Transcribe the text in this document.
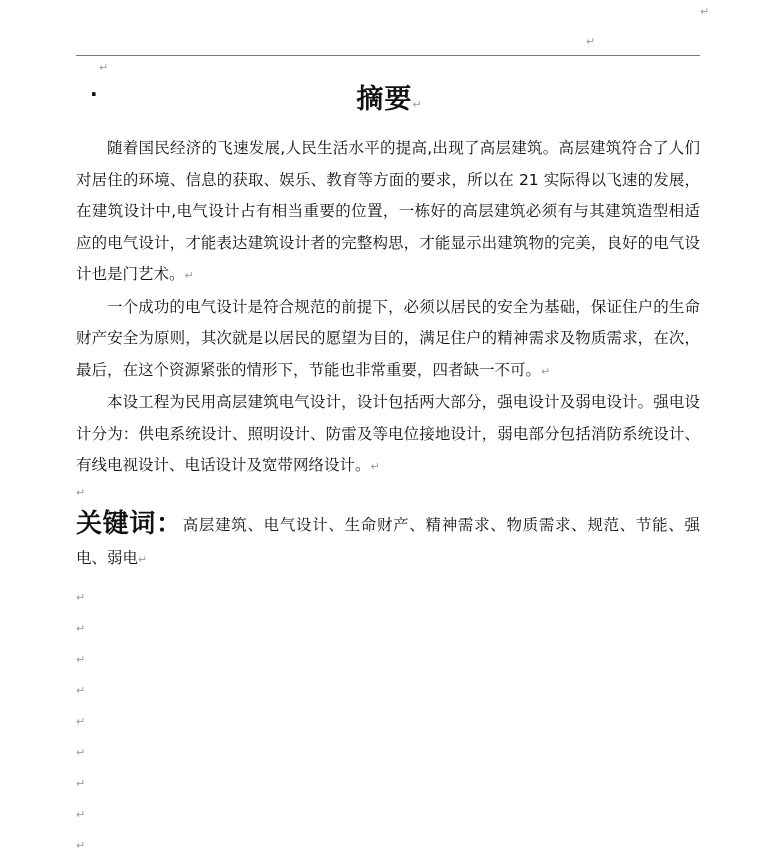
↵
↵
↵
·	摘要↵

随着国民经济的飞速发展,人民生活水平的提高,出现了高层建筑。高层建筑符合了人们对居住的环境、信息的获取、娱乐、教育等方面的要求，所以在 21 实际得以飞速的发展，在建筑设计中,电气设计占有相当重要的位置，一栋好的高层建筑必须有与其建筑造型相适应的电气设计，才能表达建筑设计者的完整构思，才能显示出建筑物的完美，良好的电气设计也是门艺术。↵

一个成功的电气设计是符合规范的前提下，必须以居民的安全为基础，保证住户的生命财产安全为原则，其次就是以居民的愿望为目的，满足住户的精神需求及物质需求，在次，最后，在这个资源紧张的情形下，节能也非常重要，四者缺一不可。↵

本设工程为民用高层建筑电气设计，设计包括两大部分，强电设计及弱电设计。强电设计分为：供电系统设计、照明设计、防雷及等电位接地设计，弱电部分包括消防系统设计、有线电视设计、电话设计及宽带网络设计。↵

↵
关键词：高层建筑、电气设计、生命财产、精神需求、物质需求、规范、节能、强电、弱电↵
↵
↵
↵
↵
↵
↵
↵
↵
↵
